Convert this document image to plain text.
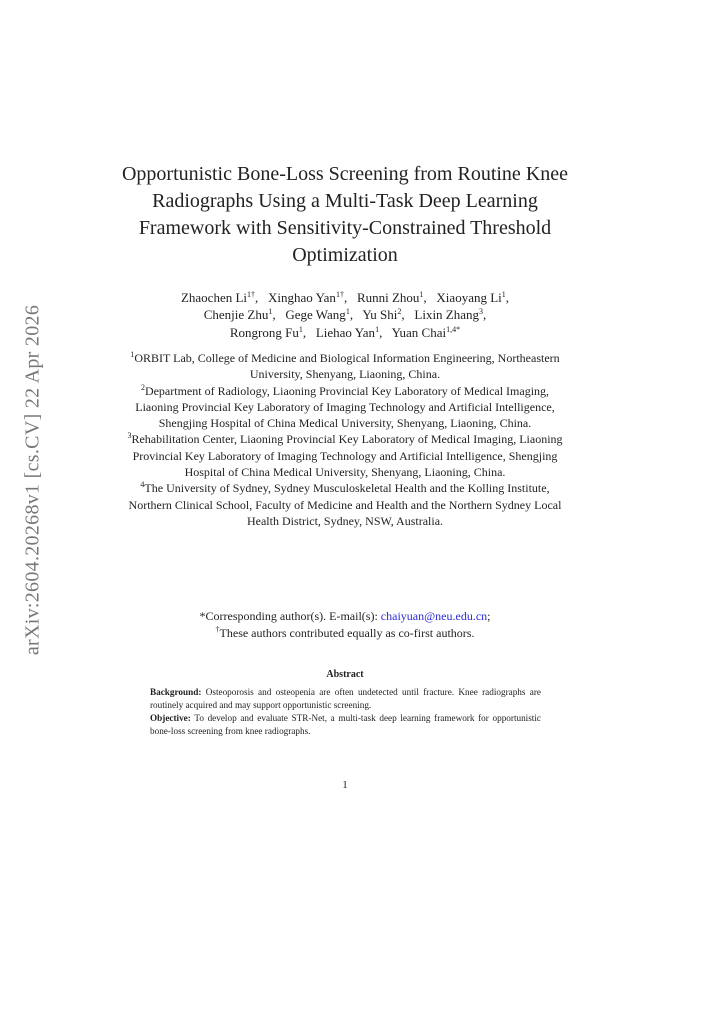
arXiv:2604.20268v1 [cs.CV] 22 Apr 2026
Opportunistic Bone-Loss Screening from Routine Knee Radiographs Using a Multi-Task Deep Learning Framework with Sensitivity-Constrained Threshold Optimization
Zhaochen $Li^{1\dagger}$,   Xinghao Yan$^{1\dagger}$,   Runni Zhou$^1$,   Xiaoyang Li$^1$,
Chenjie Zhu$^1$,   Gege Wang$^1$,   Yu Shi$^2$,   Lixin Zhang$^3$,
Rongrong Fu$^1$,   Liehao Yan$^1$,   Yuan Chai$^{1,4*}$
$^1$ORBIT Lab, College of Medicine and Biological Information Engineering, Northeastern University, Shenyang, Liaoning, China.
$^2$Department of Radiology, Liaoning Provincial Key Laboratory of Medical Imaging, Liaoning Provincial Key Laboratory of Imaging Technology and Artificial Intelligence, Shengjing Hospital of China Medical University, Shenyang, Liaoning, China.
$^3$Rehabilitation Center, Liaoning Provincial Key Laboratory of Medical Imaging, Liaoning Provincial Key Laboratory of Imaging Technology and Artificial Intelligence, Shengjing Hospital of China Medical University, Shenyang, Liaoning, China.
$^4$The University of Sydney, Sydney Musculoskeletal Health and the Kolling Institute, Northern Clinical School, Faculty of Medicine and Health and the Northern Sydney Local Health District, Sydney, NSW, Australia.
*Corresponding author(s). E-mail(s): chaiyuan@neu.edu.cn;
†These authors contributed equally as co-first authors.
Abstract

Background: Osteoporosis and osteopenia are often undetected until fracture. Knee radiographs are routinely acquired and may support opportunistic screening.

Objective: To develop and evaluate STR-Net, a multi-task deep learning framework for opportunistic bone-loss screening from knee radiographs.

1
